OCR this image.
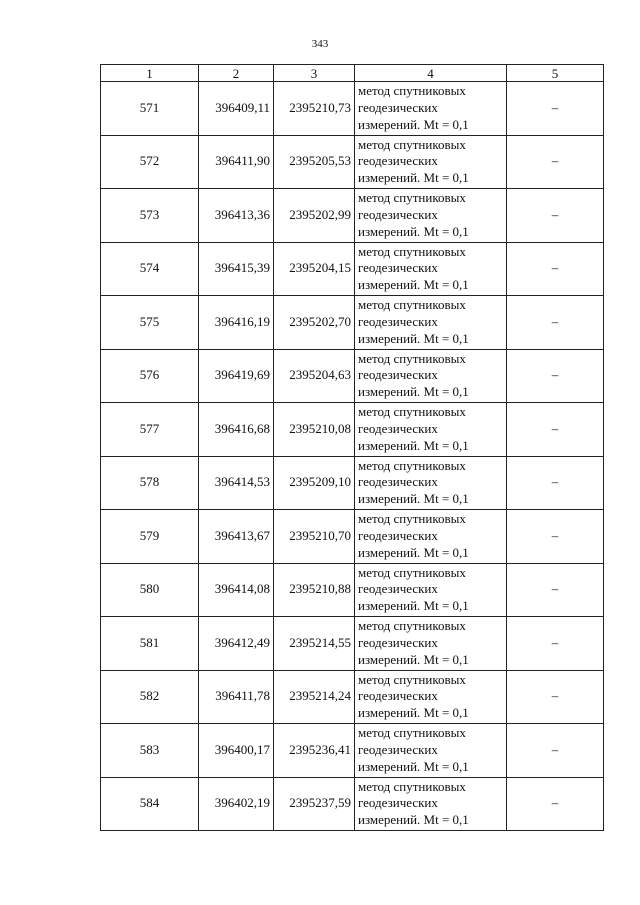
343
1	2	3	4	5
571	396409,11	2395210,73	метод спутниковых
геодезических
измерений. Mt = 0,1	–
572	396411,90	2395205,53	метод спутниковых
геодезических
измерений. Mt = 0,1	–
573	396413,36	2395202,99	метод спутниковых
геодезических
измерений. Mt = 0,1	–
574	396415,39	2395204,15	метод спутниковых
геодезических
измерений. Mt = 0,1	–
575	396416,19	2395202,70	метод спутниковых
геодезических
измерений. Mt = 0,1	–
576	396419,69	2395204,63	метод спутниковых
геодезических
измерений. Mt = 0,1	–
577	396416,68	2395210,08	метод спутниковых
геодезических
измерений. Mt = 0,1	–
578	396414,53	2395209,10	метод спутниковых
геодезических
измерений. Mt = 0,1	–
579	396413,67	2395210,70	метод спутниковых
геодезических
измерений. Mt = 0,1	–
580	396414,08	2395210,88	метод спутниковых
геодезических
измерений. Mt = 0,1	–
581	396412,49	2395214,55	метод спутниковых
геодезических
измерений. Mt = 0,1	–
582	396411,78	2395214,24	метод спутниковых
геодезических
измерений. Mt = 0,1	–
583	396400,17	2395236,41	метод спутниковых
геодезических
измерений. Mt = 0,1	–
584	396402,19	2395237,59	метод спутниковых
геодезических
измерений. Mt = 0,1	–
